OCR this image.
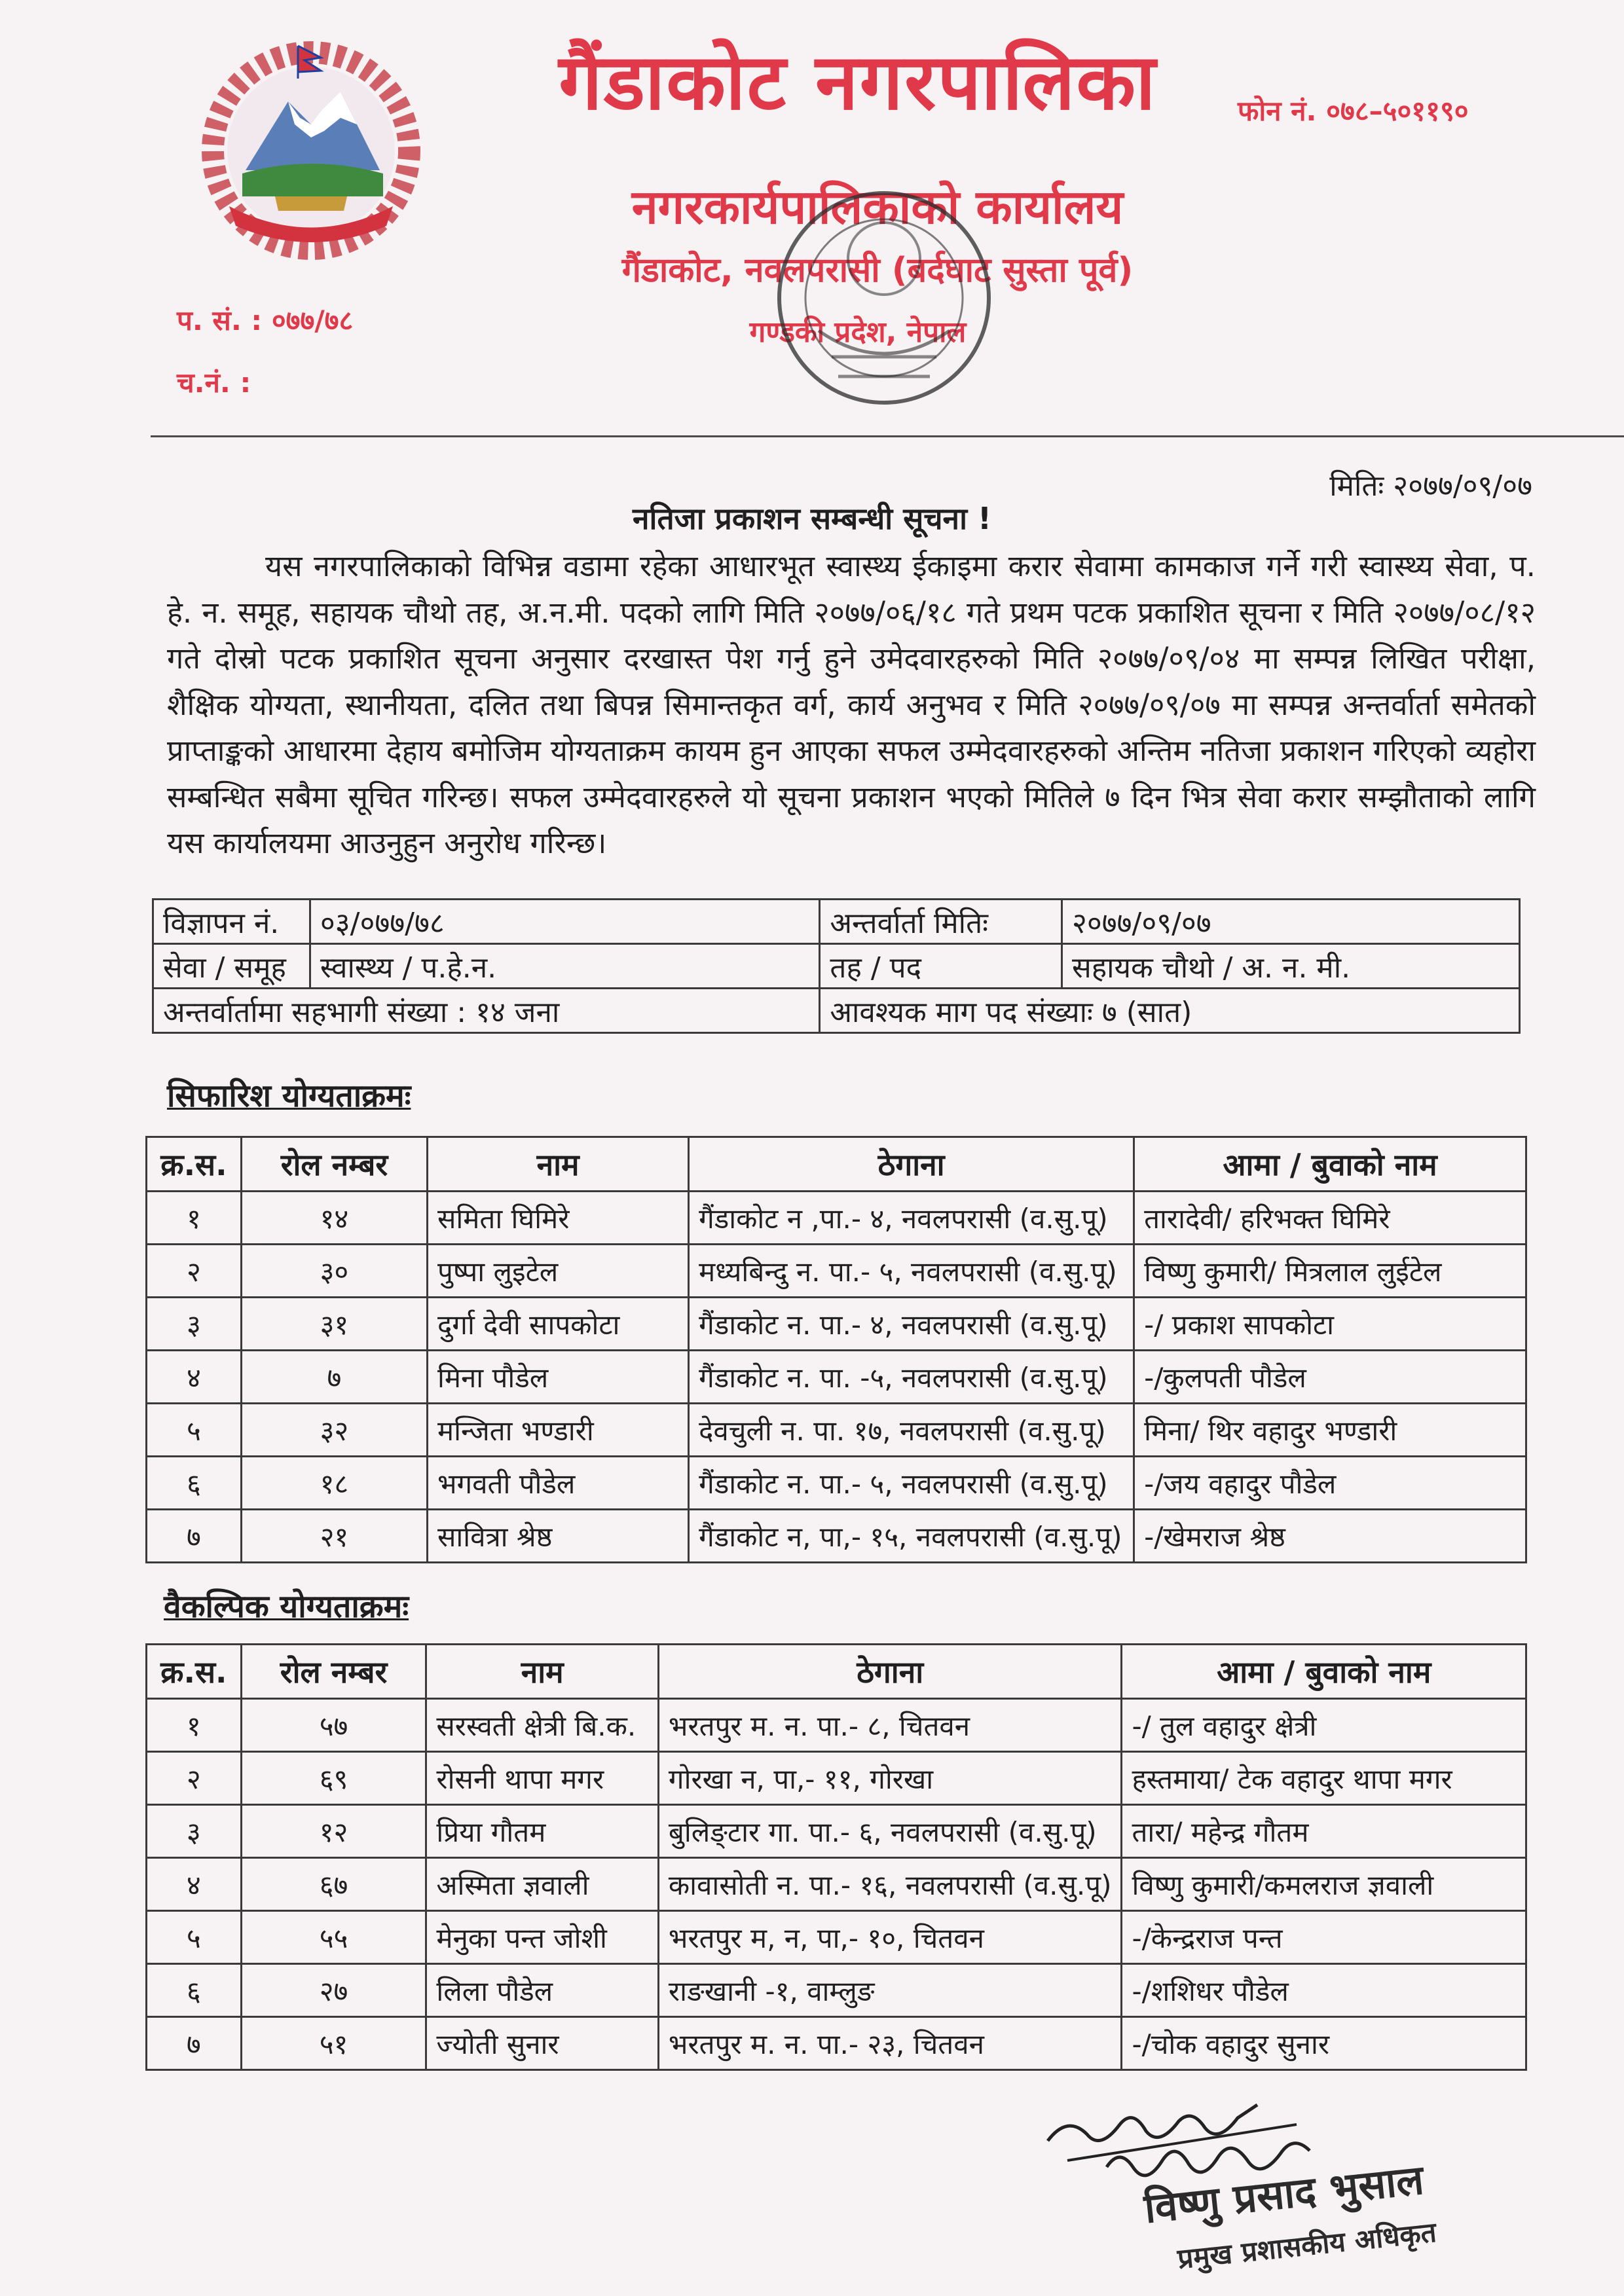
गैंडाकोट नगरपालिका	फोन नं. ०७८–५०११९०
नगरकार्यपालिकाको कार्यालय
गैंडाकोट, नवलपरासी (बर्दघाट सुस्ता पूर्व)
गण्डकी प्रदेश, नेपाल
प. सं. : ०७७/७८
च.नं. :
मितिः २०७७/०९/०७
नतिजा प्रकाशन सम्बन्धी सूचना !

यस नगरपालिकाको विभिन्न वडामा रहेका आधारभूत स्वास्थ्य ईकाइमा करार सेवामा कामकाज गर्ने गरी स्वास्थ्य सेवा, प. हे. न. समूह, सहायक चौथो तह, अ.न.मी. पदको लागि मिति २०७७/०६/१८ गते प्रथम पटक प्रकाशित सूचना र मिति २०७७/०८/१२ गते दोस्रो पटक प्रकाशित सूचना अनुसार दरखास्त पेश गर्नु हुने उमेदवारहरुको मिति २०७७/०९/०४ मा सम्पन्न लिखित परीक्षा, शैक्षिक योग्यता, स्थानीयता, दलित तथा बिपन्न सिमान्तकृत वर्ग, कार्य अनुभव र मिति २०७७/०९/०७ मा सम्पन्न अन्तर्वार्ता समेतको प्राप्ताङ्कको आधारमा देहाय बमोजिम योग्यताक्रम कायम हुन आएका सफल उम्मेदवारहरुको अन्तिम नतिजा प्रकाशन गरिएको व्यहोरा सम्बन्धित सबैमा सूचित गरिन्छ। सफल उम्मेदवारहरुले यो सूचना प्रकाशन भएको मितिले ७ दिन भित्र सेवा करार सम्झौताको लागि यस कार्यालयमा आउनुहुन अनुरोध गरिन्छ।

विज्ञापन नं.	०३/०७७/७८	अन्तर्वार्ता मितिः	२०७७/०९/०७
सेवा / समूह	स्वास्थ्य / प.हे.न.	तह / पद	सहायक चौथो / अ. न. मी.
अन्तर्वार्तामा सहभागी संख्या : १४ जना		आवश्यक माग पद संख्याः ७ (सात)	
सिफारिश योग्यताक्रमः
क्र.स.	रोल नम्बर	नाम	ठेगाना	आमा / बुवाको नाम
१	१४	समिता घिमिरे	गैंडाकोट न ,पा.- ४, नवलपरासी (व.सु.पू)	तारादेवी/ हरिभक्त घिमिरे
२	३०	पुष्पा लुइटेल	मध्यबिन्दु न. पा.- ५, नवलपरासी (व.सु.पू)	विष्णु कुमारी/ मित्रलाल लुईटेल
३	३१	दुर्गा देवी सापकोटा	गैंडाकोट न. पा.- ४, नवलपरासी (व.सु.पू)	-/ प्रकाश सापकोटा
४	७	मिना पौडेल	गैंडाकोट न. पा. -५, नवलपरासी (व.सु.पू)	-/कुलपती पौडेल
५	३२	मन्जिता भण्डारी	देवचुली न. पा. १७, नवलपरासी (व.सु.पू)	मिना/ थिर वहादुर भण्डारी
६	१८	भगवती पौडेल	गैंडाकोट न. पा.- ५, नवलपरासी (व.सु.पू)	-/जय वहादुर पौडेल
७	२१	सावित्रा श्रेष्ठ	गैंडाकोट न, पा,- १५, नवलपरासी (व.सु.पू)	-/खेमराज श्रेष्ठ
वैकल्पिक योग्यताक्रमः
क्र.स.	रोल नम्बर	नाम	ठेगाना	आमा / बुवाको नाम
१	५७	सरस्वती क्षेत्री बि.क.	भरतपुर म. न. पा.- ८, चितवन	-/ तुल वहादुर क्षेत्री
२	६९	रोसनी थापा मगर	गोरखा न, पा,- ११, गोरखा	हस्तमाया/ टेक वहादुर थापा मगर
३	१२	प्रिया गौतम	बुलिङ्टार गा. पा.- ६, नवलपरासी (व.सु.पू)	तारा/ महेन्द्र गौतम
४	६७	अस्मिता ज्ञवाली	कावासोती न. पा.- १६, नवलपरासी (व.सु.पू)	विष्णु कुमारी/कमलराज ज्ञवाली
५	५५	मेनुका पन्त जोशी	भरतपुर म, न, पा,- १०, चितवन	-/केन्द्रराज पन्त
६	२७	लिला पौडेल	राङखानी -१, वाम्लुङ	-/शशिधर पौडेल
७	५१	ज्योती सुनार	भरतपुर म. न. पा.- २३, चितवन	-/चोक वहादुर सुनार
विष्णु प्रसाद भुसाल
प्रमुख प्रशासकीय अधिकृत
